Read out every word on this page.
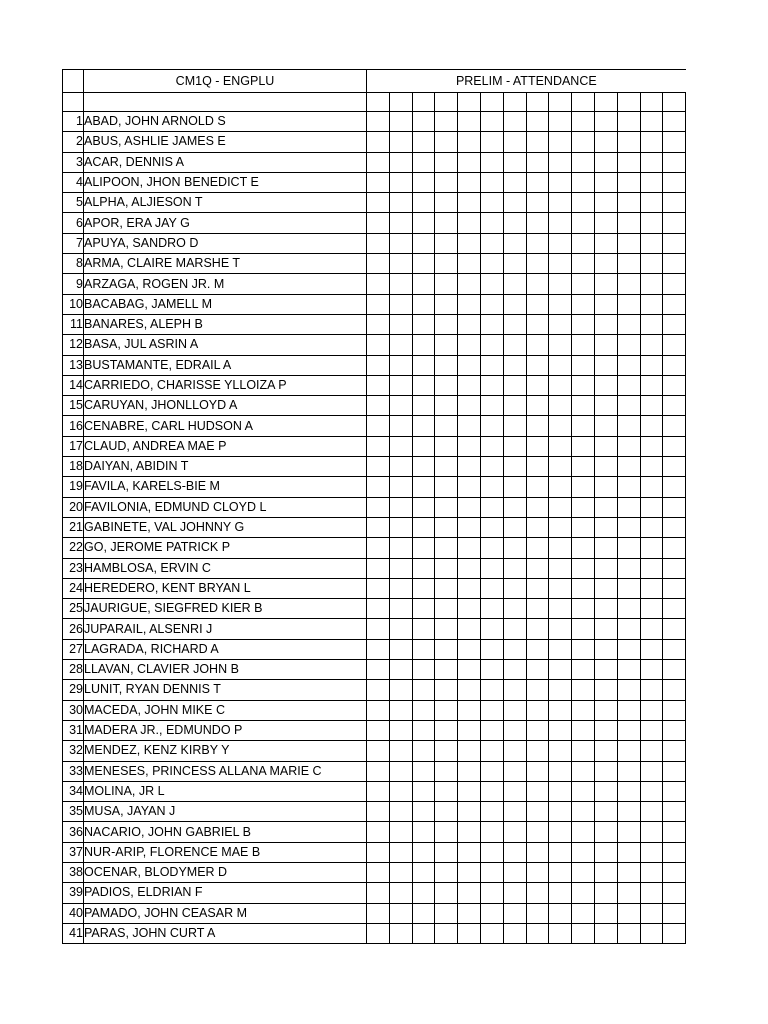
	CM1Q - ENGPLU	PRELIM - ATTENDANCE													

1	ABAD, JOHN ARNOLD S														
2	ABUS, ASHLIE JAMES E														
3	ACAR, DENNIS A														
4	ALIPOON, JHON BENEDICT E														
5	ALPHA, ALJIESON T														
6	APOR, ERA JAY G														
7	APUYA, SANDRO D														
8	ARMA, CLAIRE MARSHE T														
9	ARZAGA, ROGEN JR. M														
10	BACABAG, JAMELL M														
11	BANARES, ALEPH B														
12	BASA, JUL ASRIN A														
13	BUSTAMANTE, EDRAIL A														
14	CARRIEDO, CHARISSE YLLOIZA P														
15	CARUYAN, JHONLLOYD A														
16	CENABRE, CARL HUDSON A														
17	CLAUD, ANDREA MAE P														
18	DAIYAN, ABIDIN T														
19	FAVILA, KARELS-BIE M														
20	FAVILONIA, EDMUND CLOYD L														
21	GABINETE, VAL JOHNNY G														
22	GO, JEROME PATRICK P														
23	HAMBLOSA, ERVIN C														
24	HEREDERO, KENT BRYAN L														
25	JAURIGUE, SIEGFRED KIER B														
26	JUPARAIL, ALSENRI J														
27	LAGRADA, RICHARD A														
28	LLAVAN, CLAVIER JOHN B														
29	LUNIT, RYAN DENNIS T														
30	MACEDA, JOHN MIKE C														
31	MADERA JR., EDMUNDO P														
32	MENDEZ, KENZ KIRBY Y														
33	MENESES, PRINCESS ALLANA MARIE C														
34	MOLINA, JR L														
35	MUSA, JAYAN J														
36	NACARIO, JOHN GABRIEL B														
37	NUR-ARIP, FLORENCE MAE B														
38	OCENAR, BLODYMER D														
39	PADIOS, ELDRIAN F														
40	PAMADO, JOHN CEASAR M														
41	PARAS, JOHN CURT A														
